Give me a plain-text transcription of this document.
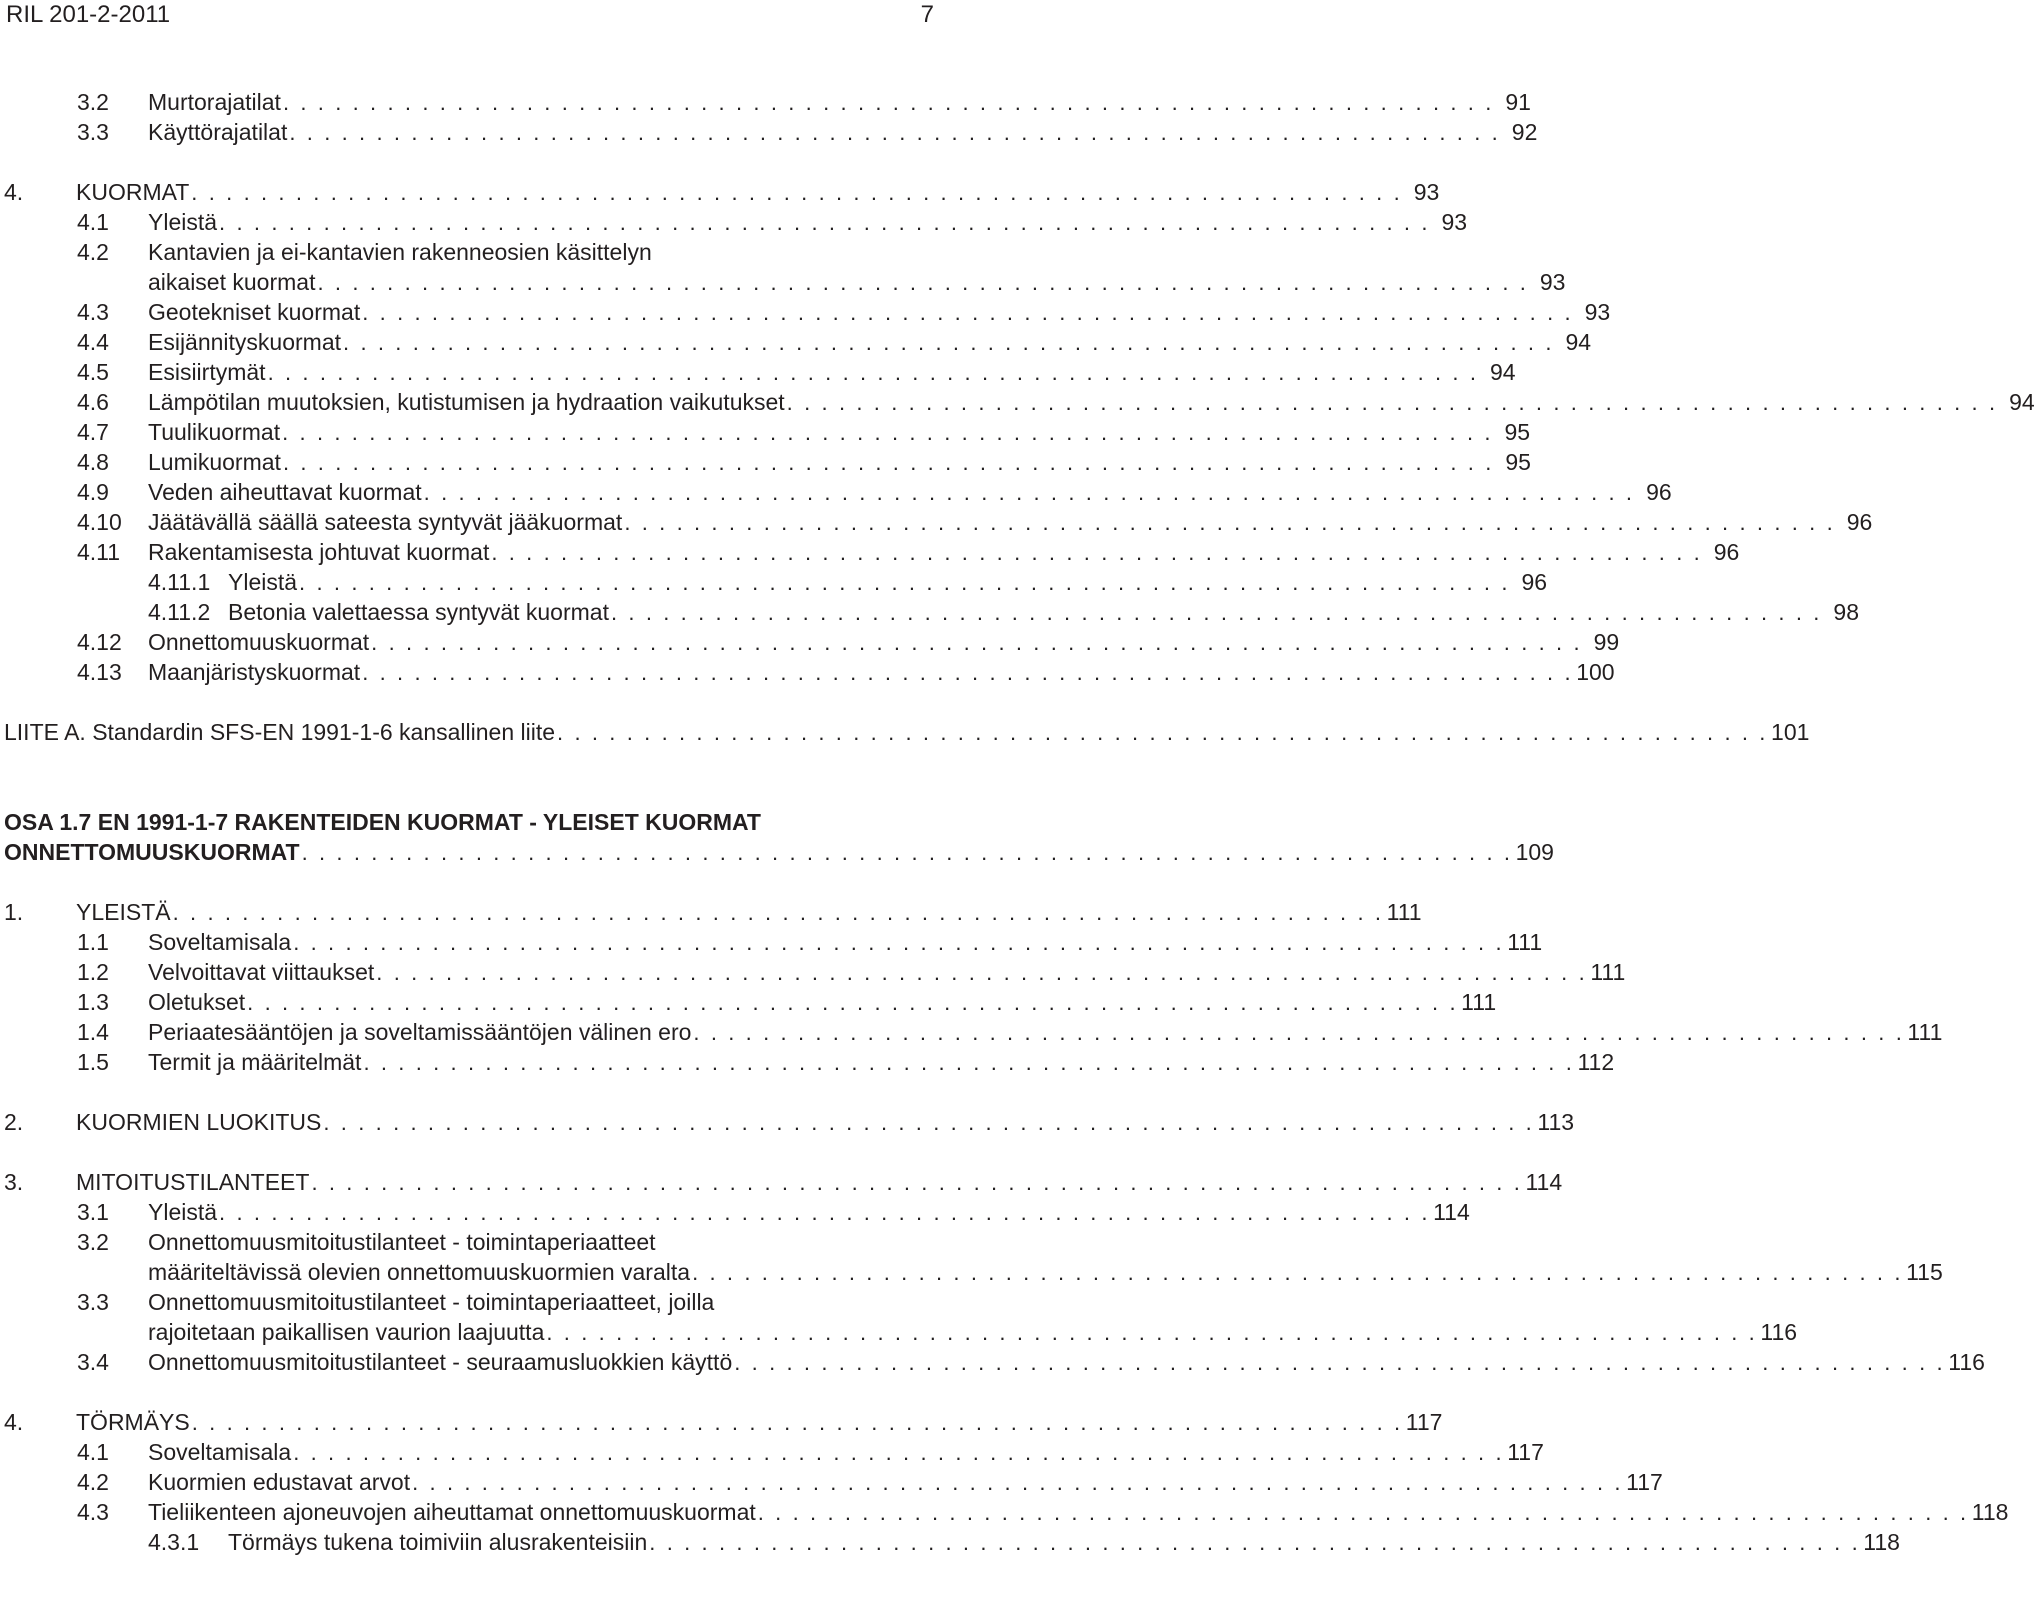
RIL 201-2-2011	7
3.2 Murtorajatilat . . . . . . . . . . . . . . . . . . . . . . . . . . . . . . . . . . . . . . . . . . . . . . . . . . . . . . . . . . . . . . . . . . . . . . 91
3.3 Käyttörajatilat . . . . . . . . . . . . . . . . . . . . . . . . . . . . . . . . . . . . . . . . . . . . . . . . . . . . . . . . . . . . . . . . . . . . . . 92
4. KUORMAT . . . . . . . . . . . . . . . . . . . . . . . . . . . . . . . . . . . . . . . . . . . . . . . . . . . . . . . . . . . . . . . . . . . . . . 93
4.1 Yleistä . . . . . . . . . . . . . . . . . . . . . . . . . . . . . . . . . . . . . . . . . . . . . . . . . . . . . . . . . . . . . . . . . . . . . . 93
4.2 Kantavien ja ei-kantavien rakenneosien käsittelyn
aikaiset kuormat . . . . . . . . . . . . . . . . . . . . . . . . . . . . . . . . . . . . . . . . . . . . . . . . . . . . . . . . . . . . . . . . . . . . . . 93
4.3 Geotekniset kuormat . . . . . . . . . . . . . . . . . . . . . . . . . . . . . . . . . . . . . . . . . . . . . . . . . . . . . . . . . . . . . . . . . . . . . . 93
4.4 Esijännityskuormat . . . . . . . . . . . . . . . . . . . . . . . . . . . . . . . . . . . . . . . . . . . . . . . . . . . . . . . . . . . . . . . . . . . . . . 94
4.5 Esisiirtymät . . . . . . . . . . . . . . . . . . . . . . . . . . . . . . . . . . . . . . . . . . . . . . . . . . . . . . . . . . . . . . . . . . . . . . 94
4.6 Lämpötilan muutoksien, kutistumisen ja hydraation vaikutukset . . . . . . . . . . . . . . . . . . . . . . . . . . . . . . . . . . . . . . . . . . . . . . . . . . . . . . . . . . . . . . . . . . . . . . 94
4.7 Tuulikuormat . . . . . . . . . . . . . . . . . . . . . . . . . . . . . . . . . . . . . . . . . . . . . . . . . . . . . . . . . . . . . . . . . . . . . . 95
4.8 Lumikuormat . . . . . . . . . . . . . . . . . . . . . . . . . . . . . . . . . . . . . . . . . . . . . . . . . . . . . . . . . . . . . . . . . . . . . . 95
4.9 Veden aiheuttavat kuormat . . . . . . . . . . . . . . . . . . . . . . . . . . . . . . . . . . . . . . . . . . . . . . . . . . . . . . . . . . . . . . . . . . . . . . 96
4.10 Jäätävällä säällä sateesta syntyvät jääkuormat . . . . . . . . . . . . . . . . . . . . . . . . . . . . . . . . . . . . . . . . . . . . . . . . . . . . . . . . . . . . . . . . . . . . . . 96
4.11 Rakentamisesta johtuvat kuormat . . . . . . . . . . . . . . . . . . . . . . . . . . . . . . . . . . . . . . . . . . . . . . . . . . . . . . . . . . . . . . . . . . . . . . 96
4.11.1 Yleistä . . . . . . . . . . . . . . . . . . . . . . . . . . . . . . . . . . . . . . . . . . . . . . . . . . . . . . . . . . . . . . . . . . . . . . 96
4.11.2 Betonia valettaessa syntyvät kuormat . . . . . . . . . . . . . . . . . . . . . . . . . . . . . . . . . . . . . . . . . . . . . . . . . . . . . . . . . . . . . . . . . . . . . . 98
4.12 Onnettomuuskuormat . . . . . . . . . . . . . . . . . . . . . . . . . . . . . . . . . . . . . . . . . . . . . . . . . . . . . . . . . . . . . . . . . . . . . . 99
4.13 Maanjäristyskuormat . . . . . . . . . . . . . . . . . . . . . . . . . . . . . . . . . . . . . . . . . . . . . . . . . . . . . . . . . . . . . . . . . . . . . . 100
LIITE A. Standardin SFS-EN 1991-1-6 kansallinen liite . . . . . . . . . . . . . . . . . . . . . . . . . . . . . . . . . . . . . . . . . . . . . . . . . . . . . . . . . . . . . . . . . . . . . . 101
OSA 1.7 EN 1991-1-7 RAKENTEIDEN KUORMAT - YLEISET KUORMAT
ONNETTOMUUSKUORMAT . . . . . . . . . . . . . . . . . . . . . . . . . . . . . . . . . . . . . . . . . . . . . . . . . . . . . . . . . . . . . . . . . . . . . . 109
1. YLEISTÄ . . . . . . . . . . . . . . . . . . . . . . . . . . . . . . . . . . . . . . . . . . . . . . . . . . . . . . . . . . . . . . . . . . . . . . 111
1.1 Soveltamisala . . . . . . . . . . . . . . . . . . . . . . . . . . . . . . . . . . . . . . . . . . . . . . . . . . . . . . . . . . . . . . . . . . . . . . 111
1.2 Velvoittavat viittaukset . . . . . . . . . . . . . . . . . . . . . . . . . . . . . . . . . . . . . . . . . . . . . . . . . . . . . . . . . . . . . . . . . . . . . . 111
1.3 Oletukset . . . . . . . . . . . . . . . . . . . . . . . . . . . . . . . . . . . . . . . . . . . . . . . . . . . . . . . . . . . . . . . . . . . . . . 111
1.4 Periaatesääntöjen ja soveltamissääntöjen välinen ero . . . . . . . . . . . . . . . . . . . . . . . . . . . . . . . . . . . . . . . . . . . . . . . . . . . . . . . . . . . . . . . . . . . . . . 111
1.5 Termit ja määritelmät . . . . . . . . . . . . . . . . . . . . . . . . . . . . . . . . . . . . . . . . . . . . . . . . . . . . . . . . . . . . . . . . . . . . . . 112
2. KUORMIEN LUOKITUS . . . . . . . . . . . . . . . . . . . . . . . . . . . . . . . . . . . . . . . . . . . . . . . . . . . . . . . . . . . . . . . . . . . . . . 113
3. MITOITUSTILANTEET . . . . . . . . . . . . . . . . . . . . . . . . . . . . . . . . . . . . . . . . . . . . . . . . . . . . . . . . . . . . . . . . . . . . . . 114
3.1 Yleistä . . . . . . . . . . . . . . . . . . . . . . . . . . . . . . . . . . . . . . . . . . . . . . . . . . . . . . . . . . . . . . . . . . . . . . 114
3.2 Onnettomuusmitoitustilanteet - toimintaperiaatteet
määriteltävissä olevien onnettomuuskuormien varalta . . . . . . . . . . . . . . . . . . . . . . . . . . . . . . . . . . . . . . . . . . . . . . . . . . . . . . . . . . . . . . . . . . . . . . 115
3.3 Onnettomuusmitoitustilanteet - toimintaperiaatteet, joilla
rajoitetaan paikallisen vaurion laajuutta . . . . . . . . . . . . . . . . . . . . . . . . . . . . . . . . . . . . . . . . . . . . . . . . . . . . . . . . . . . . . . . . . . . . . . 116
3.4 Onnettomuusmitoitustilanteet - seuraamusluokkien käyttö . . . . . . . . . . . . . . . . . . . . . . . . . . . . . . . . . . . . . . . . . . . . . . . . . . . . . . . . . . . . . . . . . . . . . . 116
4. TÖRMÄYS . . . . . . . . . . . . . . . . . . . . . . . . . . . . . . . . . . . . . . . . . . . . . . . . . . . . . . . . . . . . . . . . . . . . . . 117
4.1 Soveltamisala . . . . . . . . . . . . . . . . . . . . . . . . . . . . . . . . . . . . . . . . . . . . . . . . . . . . . . . . . . . . . . . . . . . . . . 117
4.2 Kuormien edustavat arvot . . . . . . . . . . . . . . . . . . . . . . . . . . . . . . . . . . . . . . . . . . . . . . . . . . . . . . . . . . . . . . . . . . . . . . 117
4.3 Tieliikenteen ajoneuvojen aiheuttamat onnettomuuskuormat . . . . . . . . . . . . . . . . . . . . . . . . . . . . . . . . . . . . . . . . . . . . . . . . . . . . . . . . . . . . . . . . . . . . . . 118
4.3.1 Törmäys tukena toimiviin alusrakenteisiin . . . . . . . . . . . . . . . . . . . . . . . . . . . . . . . . . . . . . . . . . . . . . . . . . . . . . . . . . . . . . . . . . . . . . . 118
